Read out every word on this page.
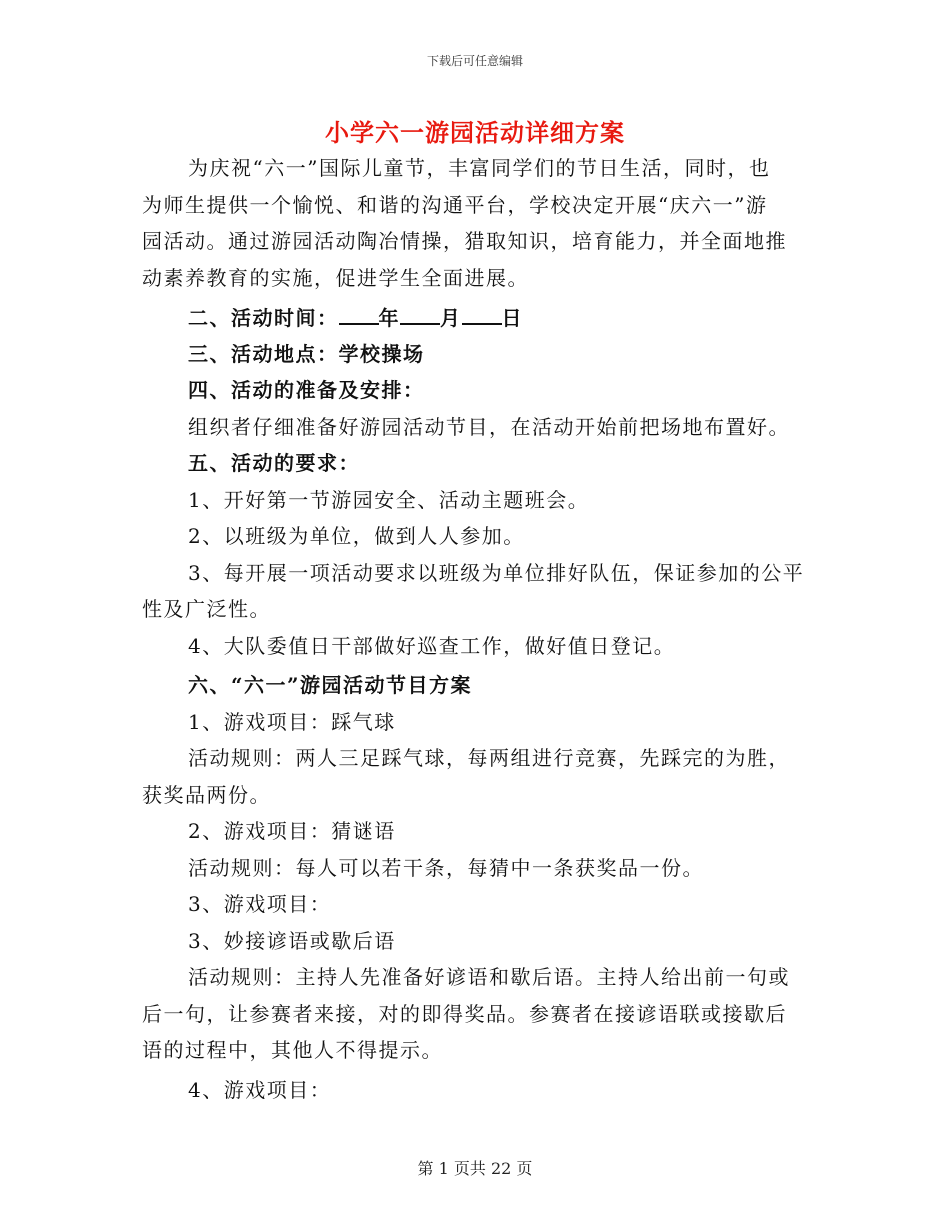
下载后可任意编辑
小学六一游园活动详细方案
为庆祝“六一”国际儿童节，丰富同学们的节日生活，同时，也
为师生提供一个愉悦、和谐的沟通平台，学校决定开展“庆六一”游
园活动。通过游园活动陶冶情操，猎取知识，培育能力，并全面地推
动素养教育的实施，促进学生全面进展。
二、活动时间： 年 月 日
三、活动地点：学校操场
四、活动的准备及安排：
组织者仔细准备好游园活动节目，在活动开始前把场地布置好。
五、活动的要求：
1、开好第一节游园安全、活动主题班会。
2、以班级为单位，做到人人参加。
3、每开展一项活动要求以班级为单位排好队伍，保证参加的公平
性及广泛性。
4、大队委值日干部做好巡查工作，做好值日登记。
六、“六一”游园活动节目方案
1、游戏项目：踩气球
活动规则：两人三足踩气球，每两组进行竞赛，先踩完的为胜，
获奖品两份。
2、游戏项目：猜谜语
活动规则：每人可以若干条，每猜中一条获奖品一份。
3、游戏项目：
3、妙接谚语或歇后语
活动规则：主持人先准备好谚语和歇后语。主持人给出前一句或
后一句，让参赛者来接，对的即得奖品。参赛者在接谚语联或接歇后
语的过程中，其他人不得提示。
4、游戏项目：
第 1 页共 22 页
